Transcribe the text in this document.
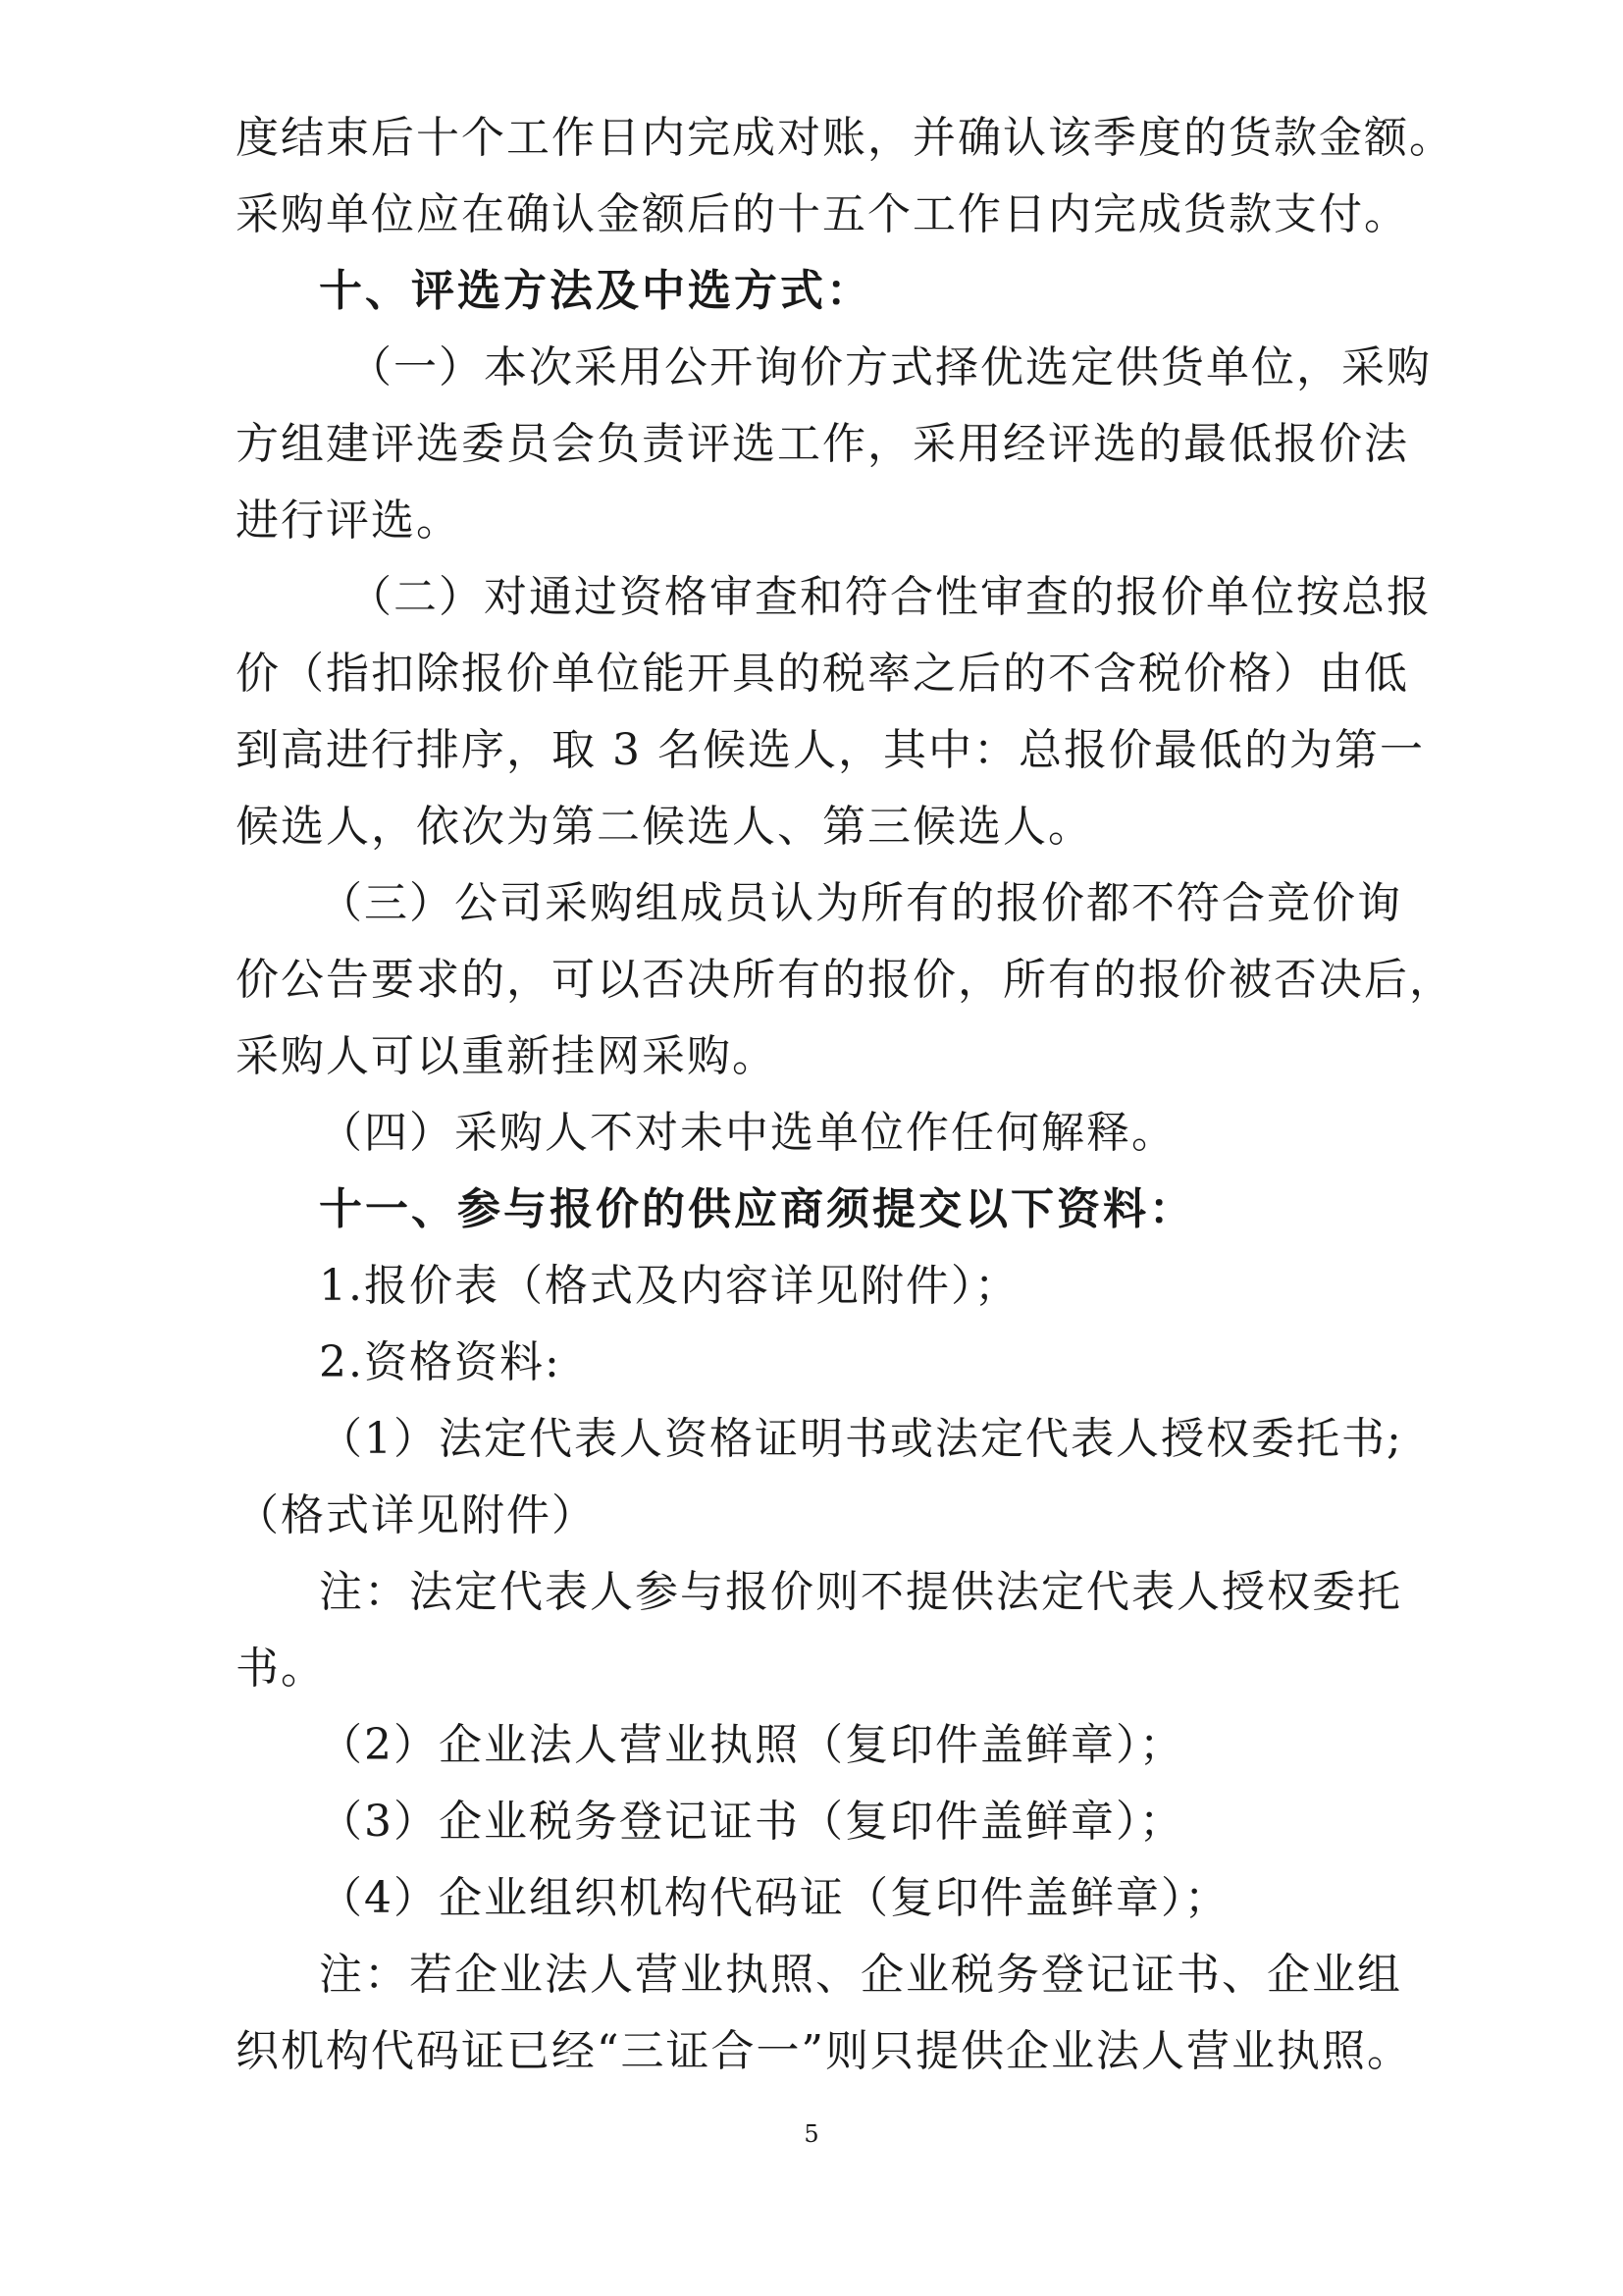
度结束后十个工作日内完成对账，并确认该季度的货款金额。
采购单位应在确认金额后的十五个工作日内完成货款支付。
十、评选方法及中选方式：
（一）本次采用公开询价方式择优选定供货单位，采购
方组建评选委员会负责评选工作，采用经评选的最低报价法
进行评选。
（二）对通过资格审查和符合性审查的报价单位按总报
价（指扣除报价单位能开具的税率之后的不含税价格）由低
到高进行排序，取 3 名候选人，其中：总报价最低的为第一
候选人，依次为第二候选人、第三候选人。
（三）公司采购组成员认为所有的报价都不符合竞价询
价公告要求的，可以否决所有的报价，所有的报价被否决后，
采购人可以重新挂网采购。
（四）采购人不对未中选单位作任何解释。
十一、参与报价的供应商须提交以下资料：
1.报价表（格式及内容详见附件）；
2.资格资料:
（1）法定代表人资格证明书或法定代表人授权委托书;
（格式详见附件）
注：法定代表人参与报价则不提供法定代表人授权委托
书。
（2）企业法人营业执照（复印件盖鲜章）；
（3）企业税务登记证书（复印件盖鲜章）；
（4）企业组织机构代码证（复印件盖鲜章）；
注：若企业法人营业执照、企业税务登记证书、企业组
织机构代码证已经“三证合一”则只提供企业法人营业执照。
5
